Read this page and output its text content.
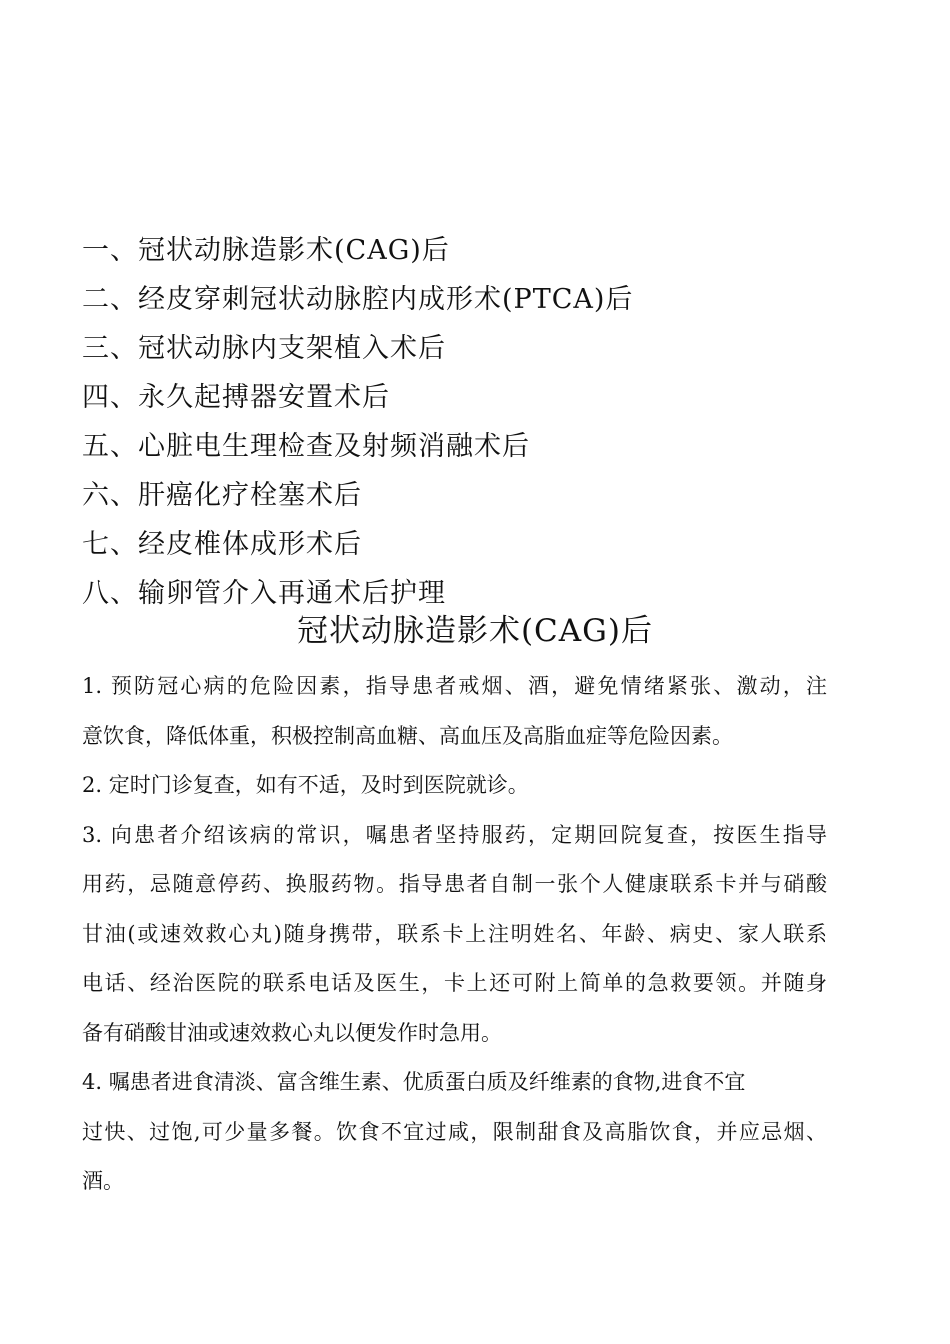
一、冠状动脉造影术(CAG)后
二、经皮穿刺冠状动脉腔内成形术(PTCA)后
三、冠状动脉内支架植入术后
四、永久起搏器安置术后
五、心脏电生理检查及射频消融术后
六、肝癌化疗栓塞术后
七、经皮椎体成形术后
八、输卵管介入再通术后护理
冠状动脉造影术(CAG)后
1. 预防冠心病的危险因素，指导患者戒烟、酒，避免情绪紧张、激动，注
意饮食，降低体重，积极控制高血糖、高血压及高脂血症等危险因素。
2. 定时门诊复查，如有不适，及时到医院就诊。
3. 向患者介绍该病的常识，嘱患者坚持服药，定期回院复查，按医生指导
用药，忌随意停药、换服药物。指导患者自制一张个人健康联系卡并与硝酸
甘油(或速效救心丸)随身携带，联系卡上注明姓名、年龄、病史、家人联系
电话、经治医院的联系电话及医生，卡上还可附上简单的急救要领。并随身
备有硝酸甘油或速效救心丸以便发作时急用。
4. 嘱患者进食清淡、富含维生素、优质蛋白质及纤维素的食物,进食不宜
过快、过饱,可少量多餐。饮食不宜过咸，限制甜食及高脂饮食，并应忌烟、
酒。
